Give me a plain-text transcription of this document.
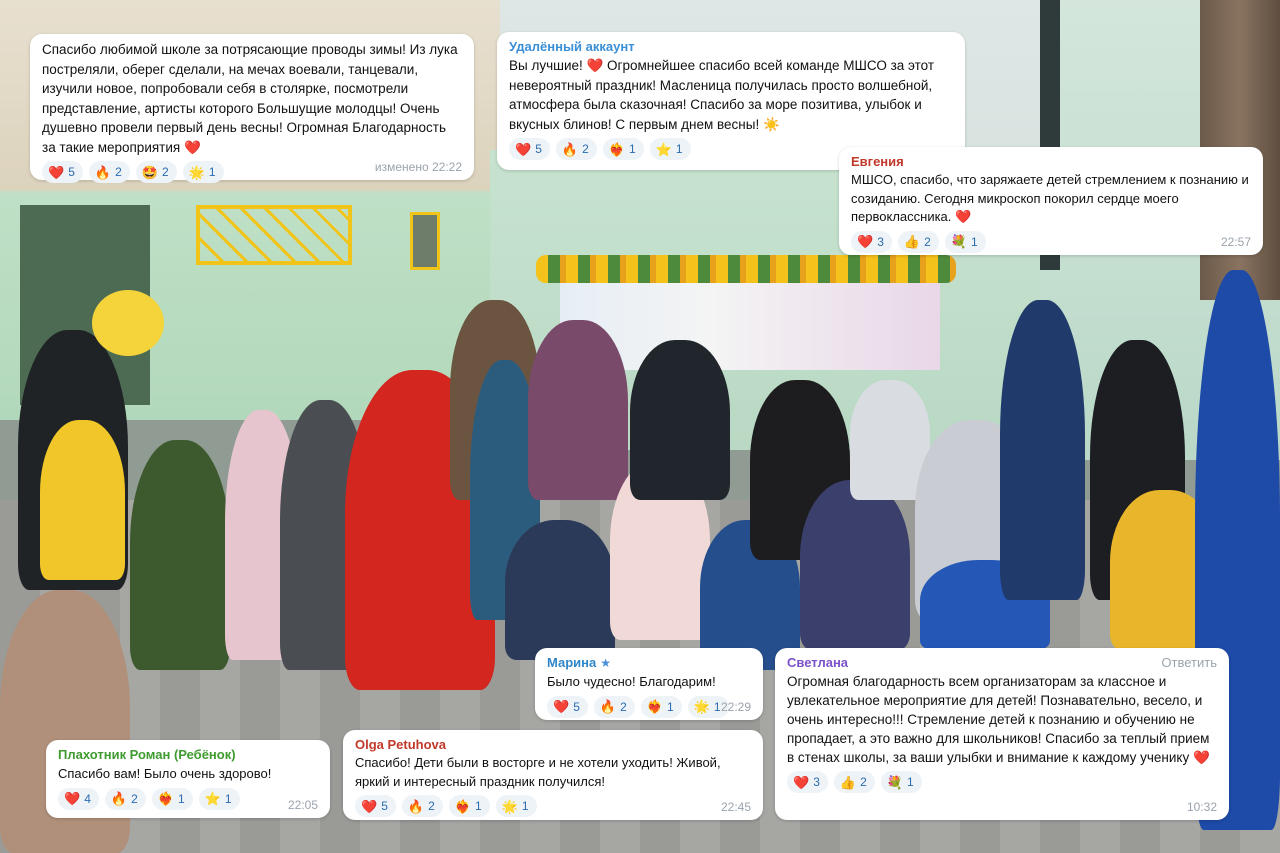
Спасибо любимой школе за потрясающие проводы зимы! Из лука постреляли, оберег сделали, на мечах воевали, танцевали, изучили новое, попробовали себя в столярке, посмотрели представление, артисты которого Большущие молодцы! Очень душевно провели первый день весны! Огромная Благодарность за такие мероприятия ❤️
❤️ 5 🔥 2 🤩 2 🌟 1	изменено 22:22
Удалённый аккаунт
Вы лучшие! ❤️ Огромнейшее спасибо всей команде МШСО за этот невероятный праздник! Масленица получилась просто волшебной, атмосфера была сказочная! Спасибо за море позитива, улыбок и вкусных блинов! С первым днем весны! ☀️
❤️ 5 🔥 2 ❤️‍🔥 1 ⭐ 1
Евгения
МШСО, спасибо, что заряжаете детей стремлением к познанию и созиданию. Сегодня микроскоп покорил сердце моего первоклассника. ❤️
❤️ 3 👍 2 💐 1	22:57
Марина ★
Было чудесно! Благодарим!
❤️ 5 🔥 2 ❤️‍🔥 1 🌟 1 22:29
Светлана	Ответить
Огромная благодарность всем организаторам за классное и увлекательное мероприятие для детей! Познавательно, весело, и очень интересно!!! Стремление детей к познанию и обучению не пропадает, а это важно для школьников! Спасибо за теплый прием в стенах школы, за ваши улыбки и внимание к каждому ученику ❤️
❤️ 3 👍 2 💐 1
10:32
Olga Petuhova
Спасибо! Дети были в восторге и не хотели уходить! Живой, яркий и интересный праздник получился!
❤️ 5 🔥 2 ❤️‍🔥 1 🌟 1	22:45
Плахотник Роман (Ребёнок)
Спасибо вам! Было очень здорово!
❤️ 4 🔥 2 ❤️‍🔥 1 ⭐ 1	22:05
